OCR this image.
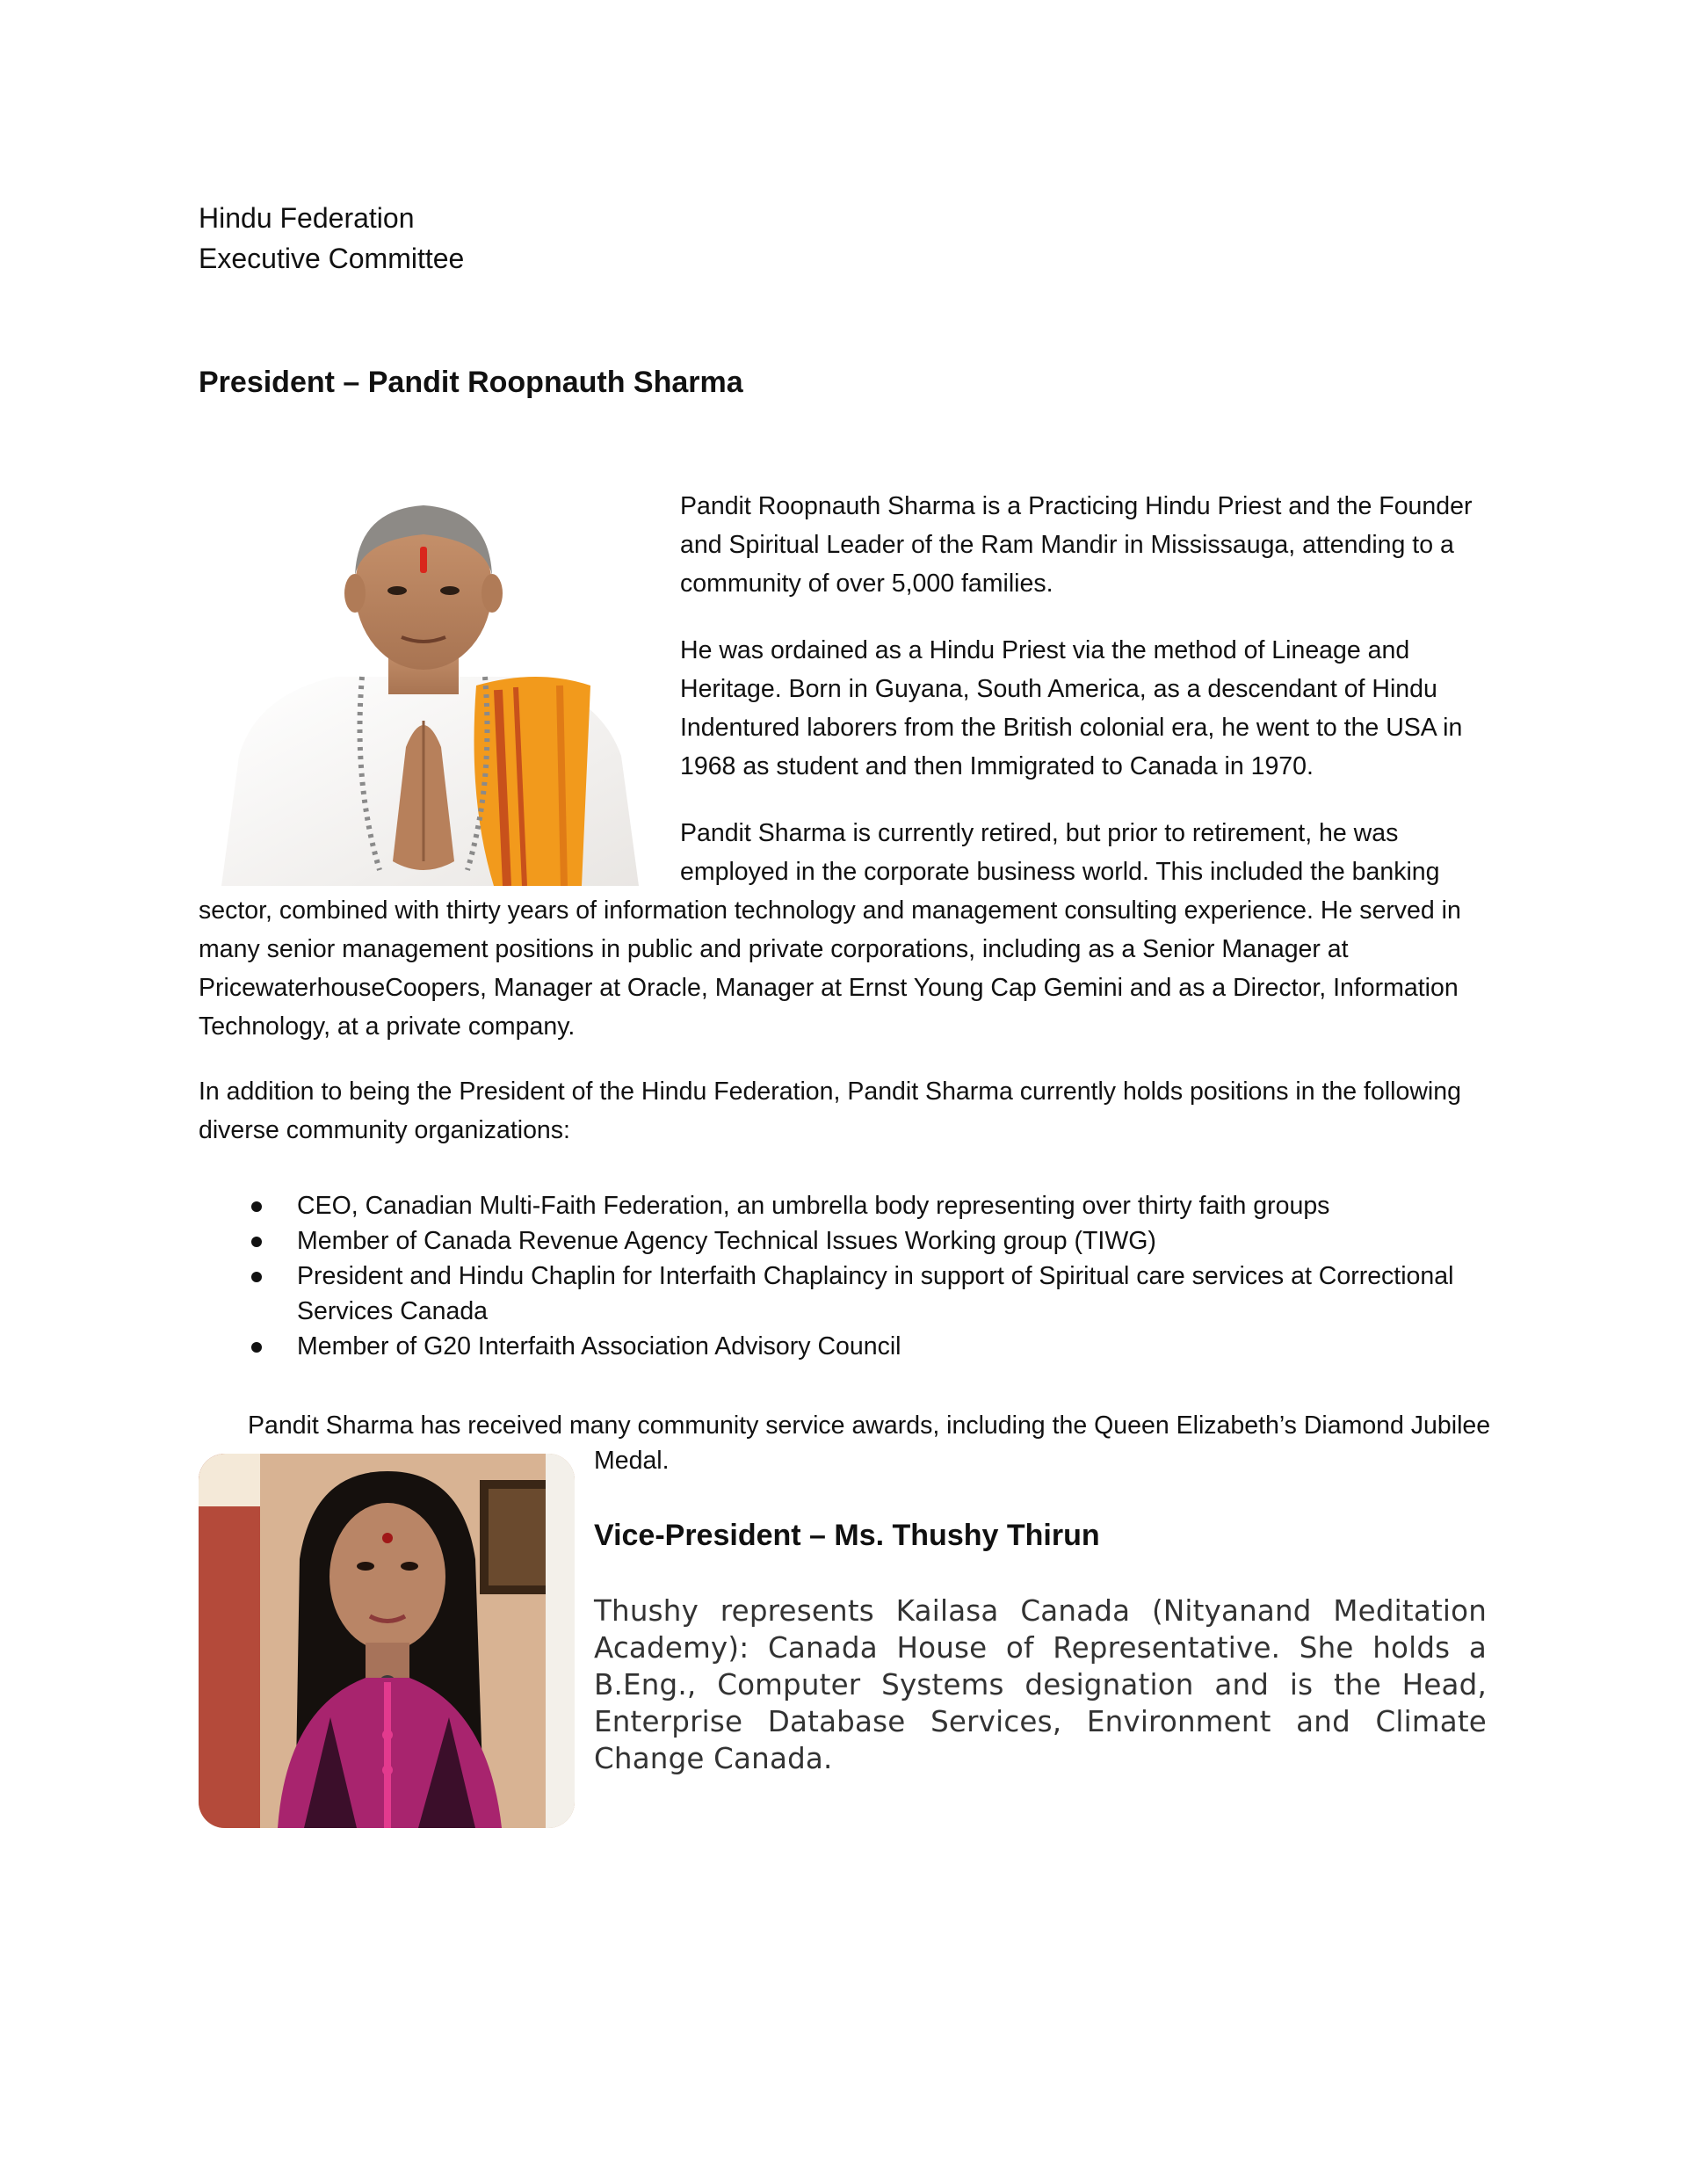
Hindu Federation
Executive Committee
President – Pandit Roopnauth Sharma

Pandit Roopnauth Sharma is a Practicing Hindu Priest and the Founder and Spiritual Leader of the Ram Mandir in Mississauga, attending to a community of over 5,000 families.

He was ordained as a Hindu Priest via the method of Lineage and Heritage. Born in Guyana, South America, as a descendant of Hindu Indentured laborers from the British colonial era, he went to the USA in 1968 as student and then Immigrated to Canada in 1970.

Pandit Sharma is currently retired, but prior to retirement, he was employed in the corporate business world. This included the banking

sector, combined with thirty years of information technology and management consulting experience. He served in many senior management positions in public and private corporations, including as a Senior Manager at PricewaterhouseCoopers, Manager at Oracle, Manager at Ernst Young Cap Gemini and as a Director, Information Technology, at a private company.

In addition to being the President of the Hindu Federation, Pandit Sharma currently holds positions in the following diverse community organizations:

CEO, Canadian Multi-Faith Federation, an umbrella body representing over thirty faith groups
Member of Canada Revenue Agency Technical Issues Working group (TIWG)
President and Hindu Chaplin for Interfaith Chaplaincy in support of Spiritual care services at Correctional Services Canada
Member of G20 Interfaith Association Advisory Council

Pandit Sharma has received many community service awards, including the Queen Elizabeth’s Diamond Jubilee

Medal.

Vice-President – Ms. Thushy Thirun

Thushy represents Kailasa Canada (Nityanand Meditation Academy): Canada House of Representative. She holds a B.Eng., Computer Systems designation and is the Head, Enterprise Database Services, Environment and Climate Change Canada.
